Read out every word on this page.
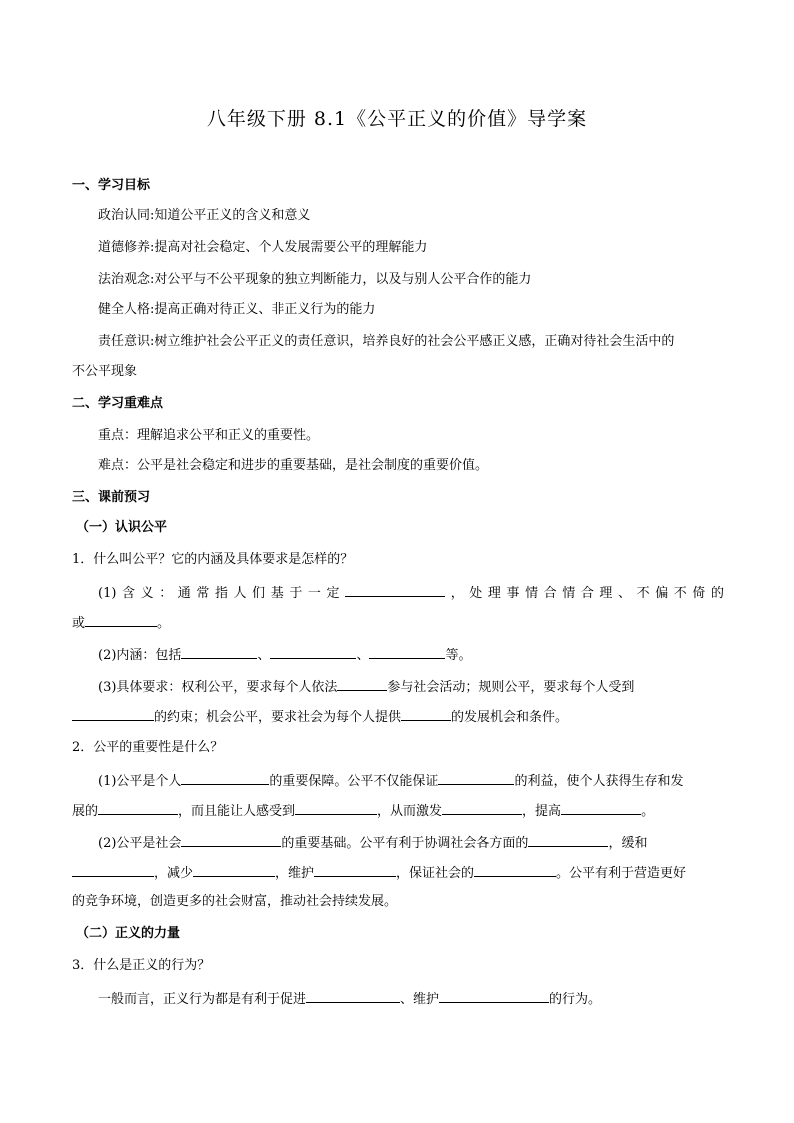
八年级下册 8.1《公平正义的价值》导学案
一、学习目标
政治认同:知道公平正义的含义和意义
道德修养:提高对社会稳定、个人发展需要公平的理解能力
法治观念:对公平与不公平现象的独立判断能力，以及与别人公平合作的能力
健全人格:提高正确对待正义、非正义行为的能力
责任意识:树立维护社会公平正义的责任意识，培养良好的社会公平感正义感，正确对待社会生活中的
不公平现象
二、学习重难点
重点：理解追求公平和正义的重要性。
难点：公平是社会稳定和进步的重要基础，是社会制度的重要价值。
三、课前预习
（一）认识公平
1．什么叫公平？它的内涵及具体要求是怎样的？
(1)含义：通常指人们基于一定	，处理事情合情合理、不偏不倚的
或	。
(2)内涵：包括	、	、	等。
(3)具体要求：权利公平，要求每个人依法	参与社会活动；规则公平，要求每个人受到
的约束；机会公平，要求社会为每个人提供	的发展机会和条件。
2．公平的重要性是什么？
(1)公平是个人	的重要保障。公平不仅能保证	的利益，使个人获得生存和发
展的	，而且能让人感受到	，从而激发	，提高	。
(2)公平是社会	的重要基础。公平有利于协调社会各方面的	，缓和
，减少	，维护	，保证社会的	。公平有利于营造更好
的竞争环境，创造更多的社会财富，推动社会持续发展。
（二）正义的力量
3．什么是正义的行为？
一般而言，正义行为都是有利于促进	、维护	的行为。
